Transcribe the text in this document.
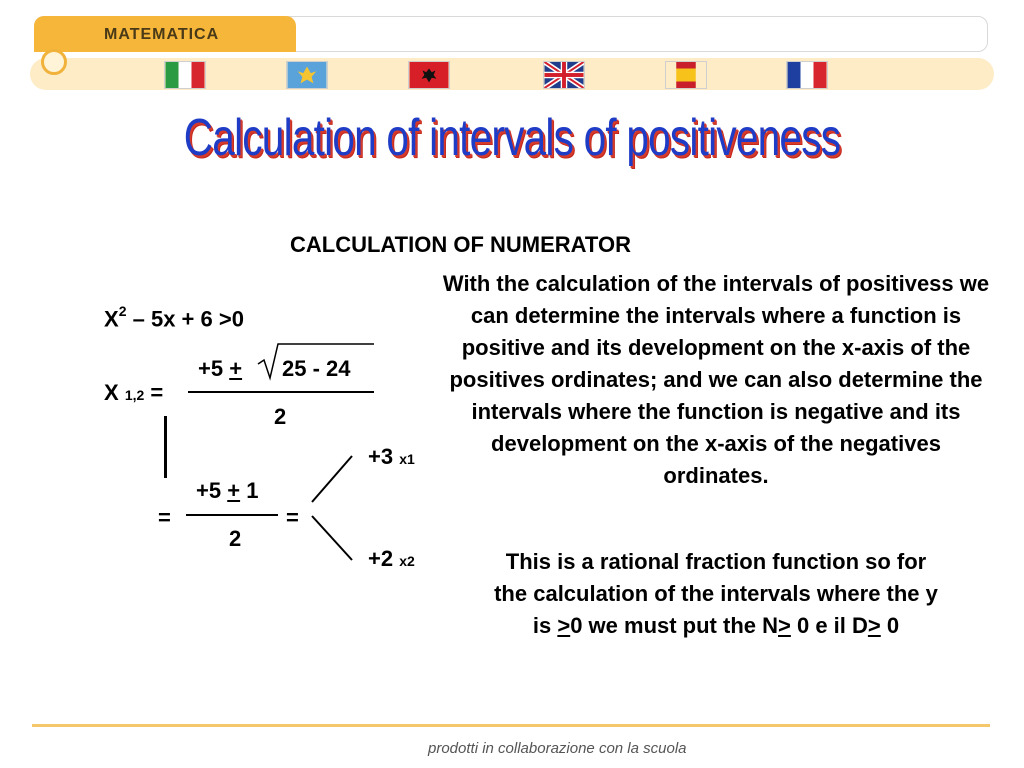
MATEMATICA
Calculation of intervals of positiveness
CALCULATION OF NUMERATOR
$X^2 - 5x + 6 >0$
X 1,2 =
+5 + 25 - 24
2
+5 + 1
=	=
2
+3 x1
+2 x2
With the calculation of the intervals of positivess we can determine the intervals where a function is positive and its development on the x-axis of the positives ordinates; and we can also determine the intervals where the function is negative and its development on the x-axis of the negatives ordinates.
This is a rational fraction function so for
the calculation of the intervals where the y
is >0 we must put the N> 0 e il D> 0
prodotti in collaborazione con la scuola
